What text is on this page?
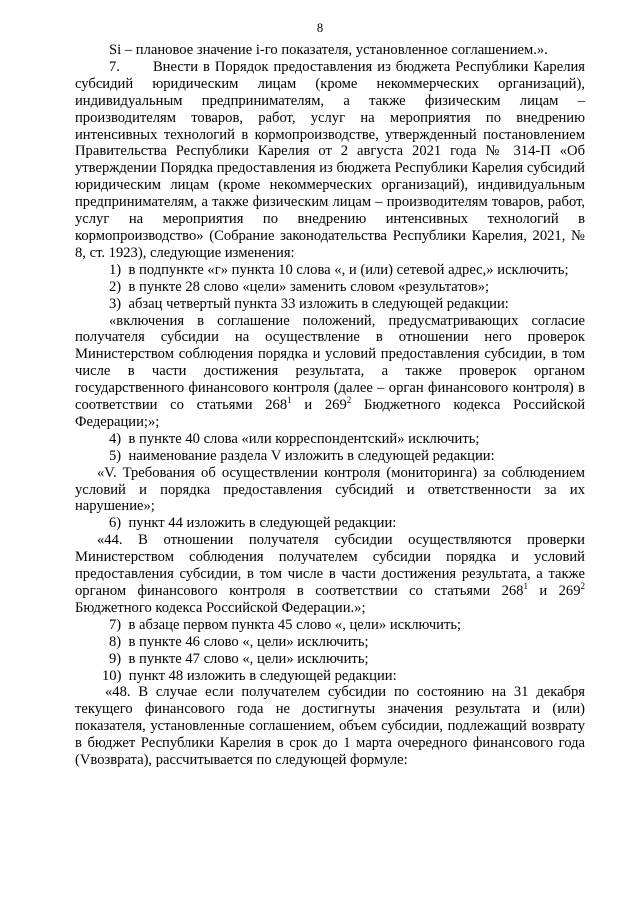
8

Si – плановое значение i-го показателя, установленное соглашением.».

7. Внести в Порядок предоставления из бюджета Республики Карелия субсидий юридическим лицам (кроме некоммерческих организаций), индивидуальным предпринимателям, а также физическим лицам – производителям товаров, работ, услуг на мероприятия по внедрению интенсивных технологий в кормопроизводстве, утвержденный постановлением Правительства Республики Карелия от 2 августа 2021 года № 314-П «Об утверждении Порядка предоставления из бюджета Республики Карелия субсидий юридическим лицам (кроме некоммерческих организаций), индивидуальным предпринимателям, а также физическим лицам – производителям товаров, работ, услуг на мероприятия по внедрению интенсивных технологий в кормопроизводство» (Собрание законодательства Республики Карелия, 2021, № 8, ст. 1923), следующие изменения:

1) в подпункте «г» пункта 10 слова «, и (или) сетевой адрес,» исключить;

2) в пункте 28 слово «цели» заменить словом «результатов»;

3) абзац четвертый пункта 33 изложить в следующей редакции:

«включения в соглашение положений, предусматривающих согласие получателя субсидии на осуществление в отношении него проверок Министерством соблюдения порядка и условий предоставления субсидии, в том числе в части достижения результата, а также проверок органом государственного финансового контроля (далее – орган финансового контроля) в соответствии со статьями $268^1$ и $269^2$ Бюджетного кодекса Российской Федерации;»;

4) в пункте 40 слова «или корреспондентский» исключить;

5) наименование раздела V изложить в следующей редакции:

«V. Требования об осуществлении контроля (мониторинга) за соблюдением условий и порядка предоставления субсидий и ответственности за их нарушение»;

6) пункт 44 изложить в следующей редакции:

«44. В отношении получателя субсидии осуществляются проверки Министерством соблюдения получателем субсидии порядка и условий предоставления субсидии, в том числе в части достижения результата, а также органом финансового контроля в соответствии со статьями $268^1$ и $269^2$ Бюджетного кодекса Российской Федерации.»;

7) в абзаце первом пункта 45 слово «, цели» исключить;

8) в пункте 46 слово «, цели» исключить;

9) в пункте 47 слово «, цели» исключить;

10) пункт 48 изложить в следующей редакции:

«48. В случае если получателем субсидии по состоянию на 31 декабря текущего финансового года не достигнуты значения результата и (или) показателя, установленные соглашением, объем субсидии, подлежащий возврату в бюджет Республики Карелия в срок до 1 марта очередного финансового года (Vвозврата), рассчитывается по следующей формуле:
